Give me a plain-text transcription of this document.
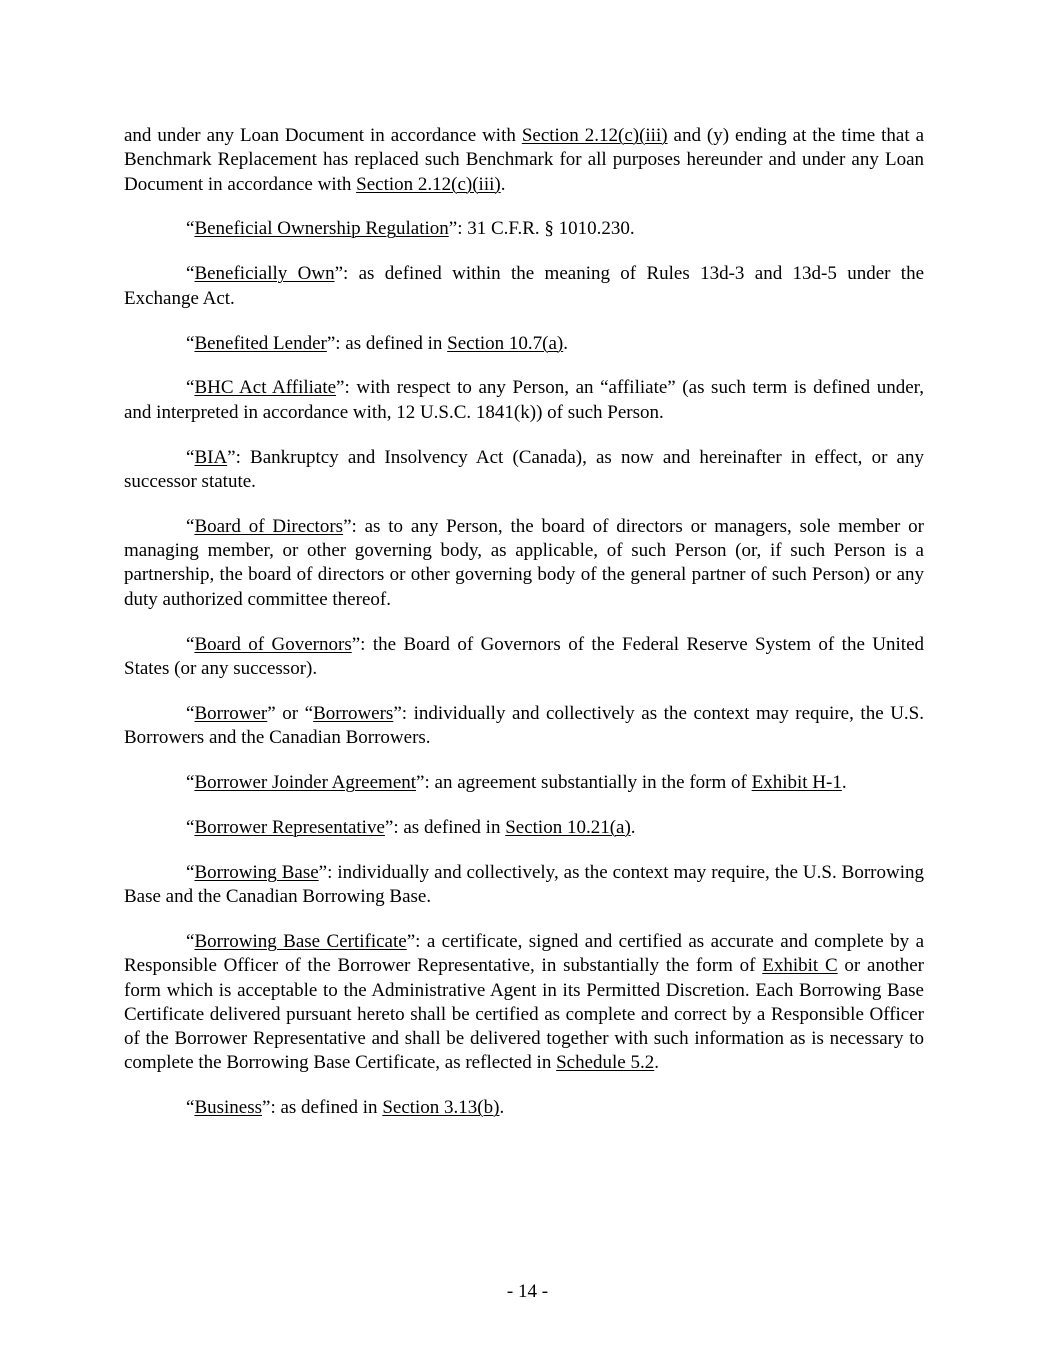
and under any Loan Document in accordance with Section 2.12(c)(iii) and (y) ending at the time that a Benchmark Replacement has replaced such Benchmark for all purposes hereunder and under any Loan Document in accordance with Section 2.12(c)(iii).

“Beneficial Ownership Regulation”: 31 C.F.R. § 1010.230.

“Beneficially Own”: as defined within the meaning of Rules 13d-3 and 13d-5 under the Exchange Act.

“Benefited Lender”: as defined in Section 10.7(a).

“BHC Act Affiliate”: with respect to any Person, an “affiliate” (as such term is defined under, and interpreted in accordance with, 12 U.S.C. 1841(k)) of such Person.

“BIA”: Bankruptcy and Insolvency Act (Canada), as now and hereinafter in effect, or any successor statute.

“Board of Directors”: as to any Person, the board of directors or managers, sole member or managing member, or other governing body, as applicable, of such Person (or, if such Person is a partnership, the board of directors or other governing body of the general partner of such Person) or any duty authorized committee thereof.

“Board of Governors”: the Board of Governors of the Federal Reserve System of the United States (or any successor).

“Borrower” or “Borrowers”: individually and collectively as the context may require, the U.S. Borrowers and the Canadian Borrowers.

“Borrower Joinder Agreement”: an agreement substantially in the form of Exhibit H-1.

“Borrower Representative”: as defined in Section 10.21(a).

“Borrowing Base”: individually and collectively, as the context may require, the U.S. Borrowing Base and the Canadian Borrowing Base.

“Borrowing Base Certificate”: a certificate, signed and certified as accurate and complete by a Responsible Officer of the Borrower Representative, in substantially the form of Exhibit C or another form which is acceptable to the Administrative Agent in its Permitted Discretion. Each Borrowing Base Certificate delivered pursuant hereto shall be certified as complete and correct by a Responsible Officer of the Borrower Representative and shall be delivered together with such information as is necessary to complete the Borrowing Base Certificate, as reflected in Schedule 5.2.

“Business”: as defined in Section 3.13(b).

- 14 -
